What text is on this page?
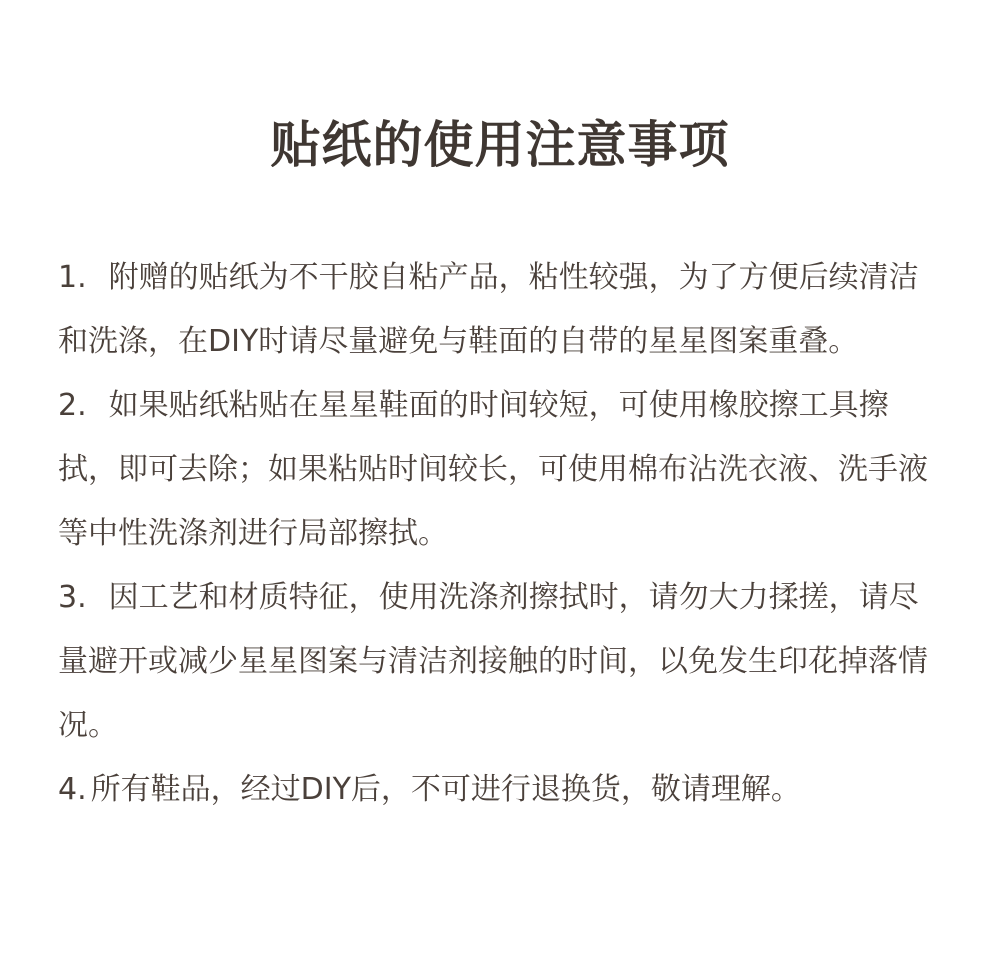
贴纸的使用注意事项

1. 附赠的贴纸为不干胶自粘产品，粘性较强，为了方便后续清洁和洗涤，在DIY时请尽量避免与鞋面的自带的星星图案重叠。

2. 如果贴纸粘贴在星星鞋面的时间较短，可使用橡胶擦工具擦拭，即可去除；如果粘贴时间较长，可使用棉布沾洗衣液、洗手液等中性洗涤剂进行局部擦拭。

3. 因工艺和材质特征，使用洗涤剂擦拭时，请勿大力揉搓，请尽量避开或减少星星图案与清洁剂接触的时间，以免发生印花掉落情况。

4. 所有鞋品，经过DIY后，不可进行退换货，敬请理解。
